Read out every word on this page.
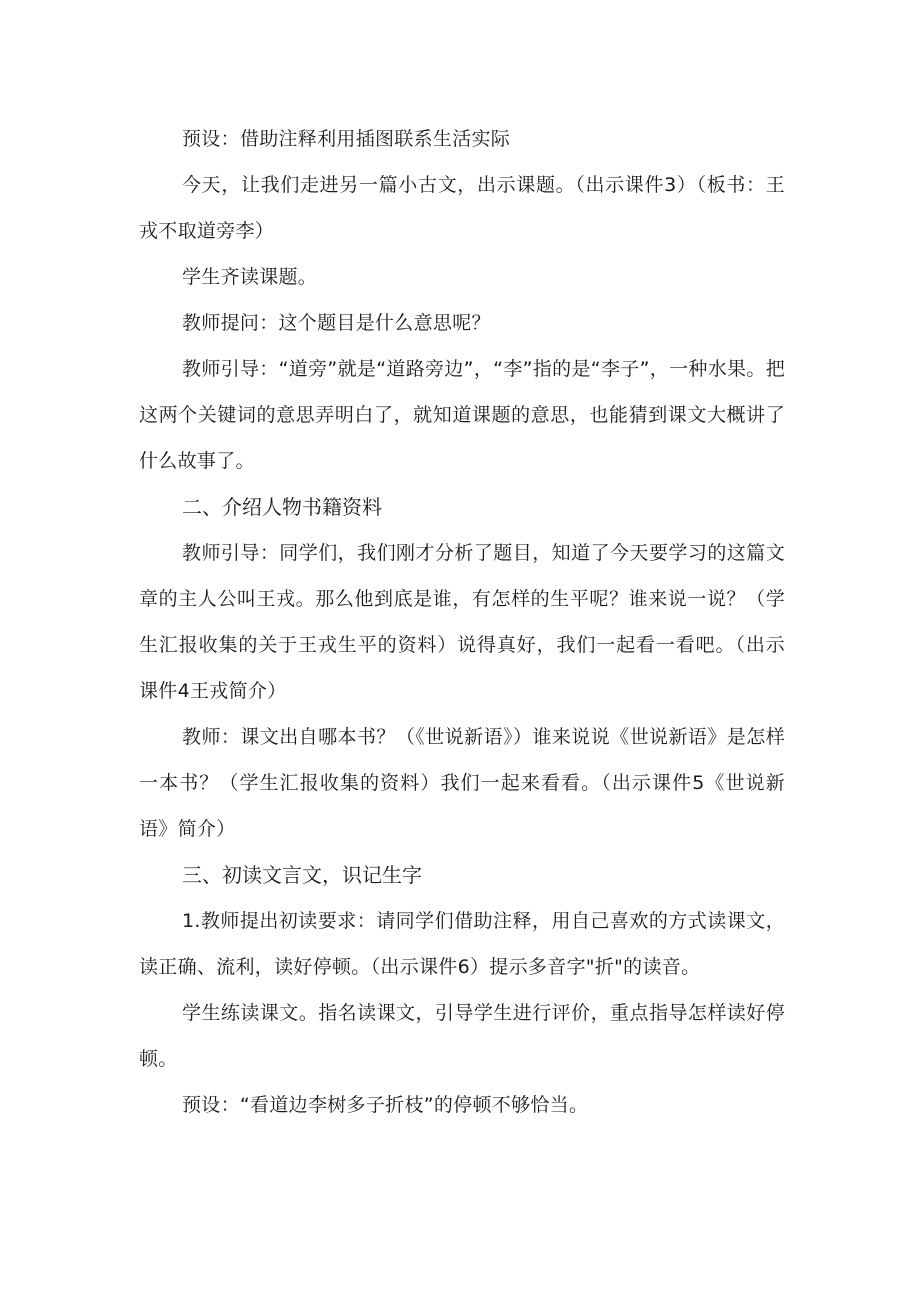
预设：借助注释利用插图联系生活实际

今天，让我们走进另一篇小古文，出示课题。（出示课件3）（板书：王戎不取道旁李）

学生齐读课题。

教师提问：这个题目是什么意思呢？

教师引导：“道旁”就是“道路旁边”，“李”指的是“李子”，一种水果。把这两个关键词的意思弄明白了，就知道课题的意思，也能猜到课文大概讲了什么故事了。

二、介绍人物书籍资料

教师引导：同学们，我们刚才分析了题目，知道了今天要学习的这篇文章的主人公叫王戎。那么他到底是谁，有怎样的生平呢？谁来说一说？（学生汇报收集的关于王戎生平的资料）说得真好，我们一起看一看吧。（出示课件4王戎简介）

教师：课文出自哪本书？（《世说新语》）谁来说说《世说新语》是怎样一本书？（学生汇报收集的资料）我们一起来看看。（出示课件5《世说新语》简介）

三、初读文言文，识记生字

1.教师提出初读要求：请同学们借助注释，用自己喜欢的方式读课文，读正确、流利，读好停顿。（出示课件6）提示多音字"折"的读音。

学生练读课文。指名读课文，引导学生进行评价，重点指导怎样读好停顿。

预设：“看道边李树多子折枝”的停顿不够恰当。
